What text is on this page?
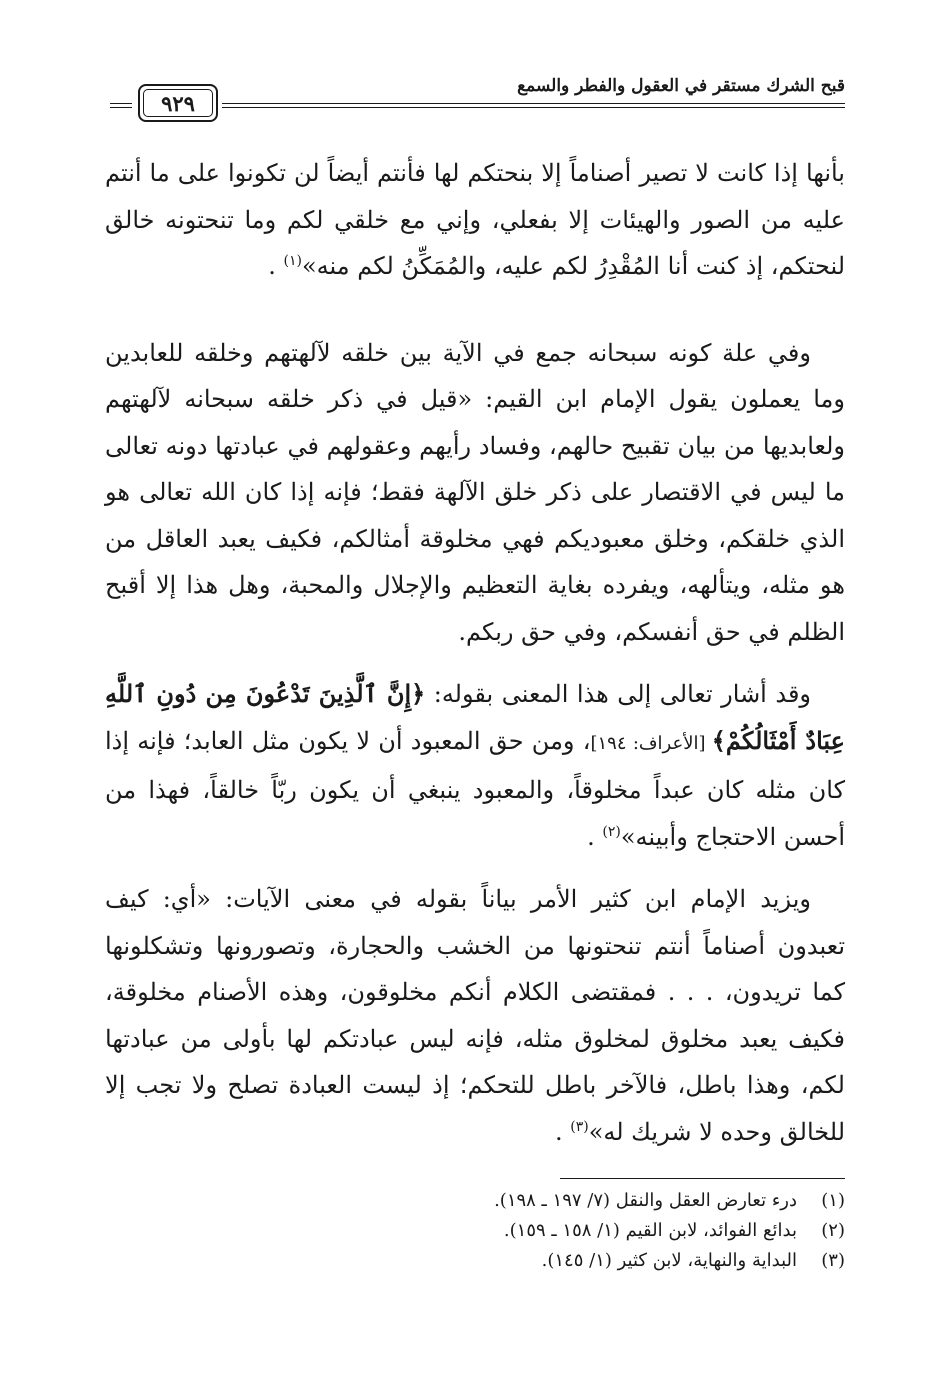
قبح الشرك مستقر في العقول والفطر والسمع
٩٢٩

بأنها إذا كانت لا تصير أصناماً إلا بنحتكم لها فأنتم أيضاً لن تكونوا على ما أنتم عليه من الصور والهيئات إلا بفعلي، وإني مع خلقي لكم وما تنحتونه خالق لنحتكم، إذ كنت أنا المُقْدِرُ لكم عليه، والمُمَكِّنُ لكم منه»$^{(١)}$ .

وفي علة كونه سبحانه جمع في الآية بين خلقه لآلهتهم وخلقه للعابدين وما يعملون يقول الإمام ابن القيم: «قيل في ذكر خلقه سبحانه لآلهتهم ولعابديها من بيان تقبيح حالهم، وفساد رأيهم وعقولهم في عبادتها دونه تعالى ما ليس في الاقتصار على ذكر خلق الآلهة فقط؛ فإنه إذا كان الله تعالى هو الذي خلقكم، وخلق معبوديكم فهي مخلوقة أمثالكم، فكيف يعبد العاقل من هو مثله، ويتألهه، ويفرده بغاية التعظيم والإجلال والمحبة، وهل هذا إلا أقبح الظلم في حق أنفسكم، وفي حق ربكم.

وقد أشار تعالى إلى هذا المعنى بقوله: ﴿إِنَّ ٱلَّذِينَ تَدْعُونَ مِن دُونِ ٱللَّهِ عِبَادٌ أَمْثَالُكُمْ﴾ [الأعراف: ١٩٤]، ومن حق المعبود أن لا يكون مثل العابد؛ فإنه إذا كان مثله كان عبداً مخلوقاً، والمعبود ينبغي أن يكون ربّاً خالقاً، فهذا من أحسن الاحتجاج وأبينه»$^{(٢)}$ .

ويزيد الإمام ابن كثير الأمر بياناً بقوله في معنى الآيات: «أي: كيف تعبدون أصناماً أنتم تنحتونها من الخشب والحجارة، وتصورونها وتشكلونها كما تريدون، . . . فمقتضى الكلام أنكم مخلوقون، وهذه الأصنام مخلوقة، فكيف يعبد مخلوق لمخلوق مثله، فإنه ليس عبادتكم لها بأولى من عبادتها لكم، وهذا باطل، فالآخر باطل للتحكم؛ إذ ليست العبادة تصلح ولا تجب إلا للخالق وحده لا شريك له»$^{(٣)}$ .

(١)درء تعارض العقل والنقل (٧/ ١٩٧ ـ ١٩٨).
(٢)بدائع الفوائد، لابن القيم (١/ ١٥٨ ـ ١٥٩).
(٣)البداية والنهاية، لابن كثير (١/ ١٤٥).
